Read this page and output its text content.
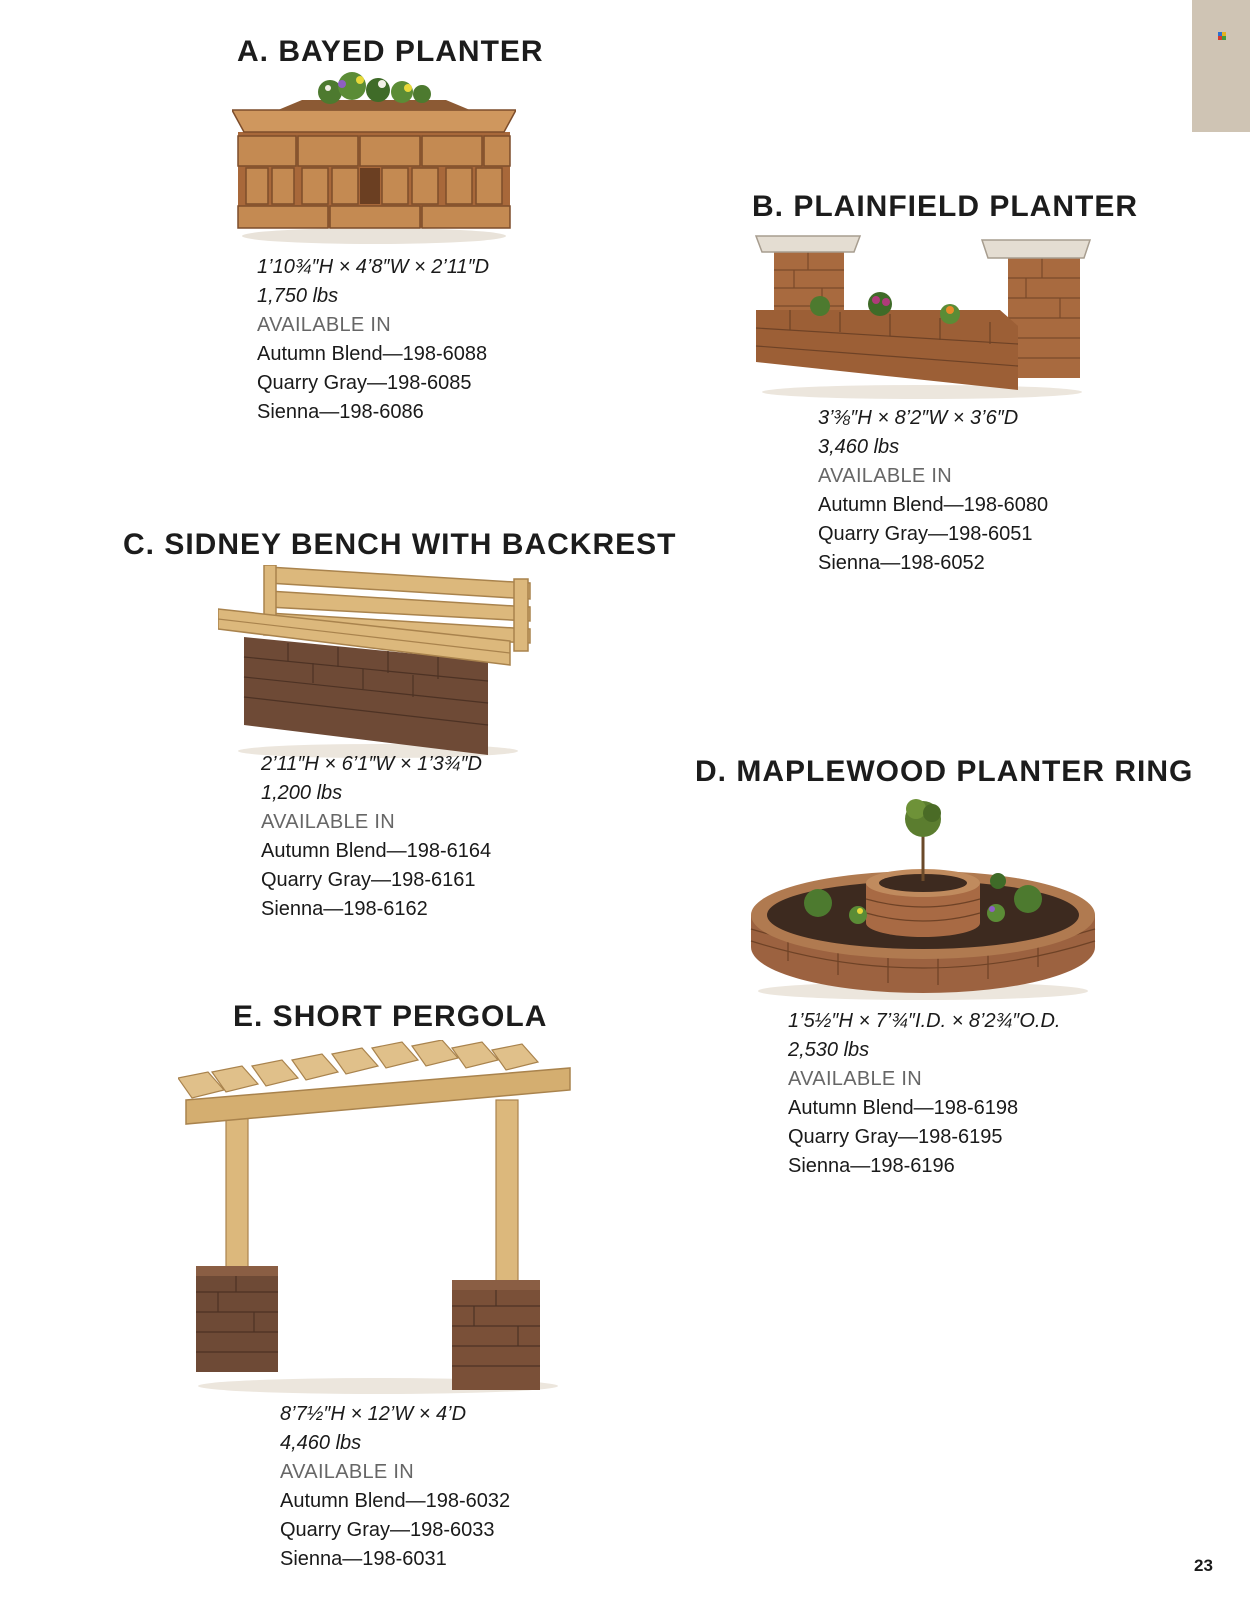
A. BAYED PLANTER
1’10¾″H × 4’8″W × 2’11″D
1,750 lbs
AVAILABLE IN
Autumn Blend—198-6088
Quarry Gray—198-6085
Sienna—198-6086
B. PLAINFIELD PLANTER
3’⅜″H × 8’2″W × 3’6″D
3,460 lbs
AVAILABLE IN
Autumn Blend—198-6080
Quarry Gray—198-6051
Sienna—198-6052
C. SIDNEY BENCH WITH BACKREST
2’11″H × 6’1″W × 1’3¾″D
1,200 lbs
AVAILABLE IN
Autumn Blend—198-6164
Quarry Gray—198-6161
Sienna—198-6162
D. MAPLEWOOD PLANTER RING
1’5½″H × 7’¾″I.D. × 8’2¾″O.D.
2,530 lbs
AVAILABLE IN
Autumn Blend—198-6198
Quarry Gray—198-6195
Sienna—198-6196
E. SHORT PERGOLA
8’7½″H × 12’W × 4’D
4,460 lbs
AVAILABLE IN
Autumn Blend—198-6032
Quarry Gray—198-6033
Sienna—198-6031	23
